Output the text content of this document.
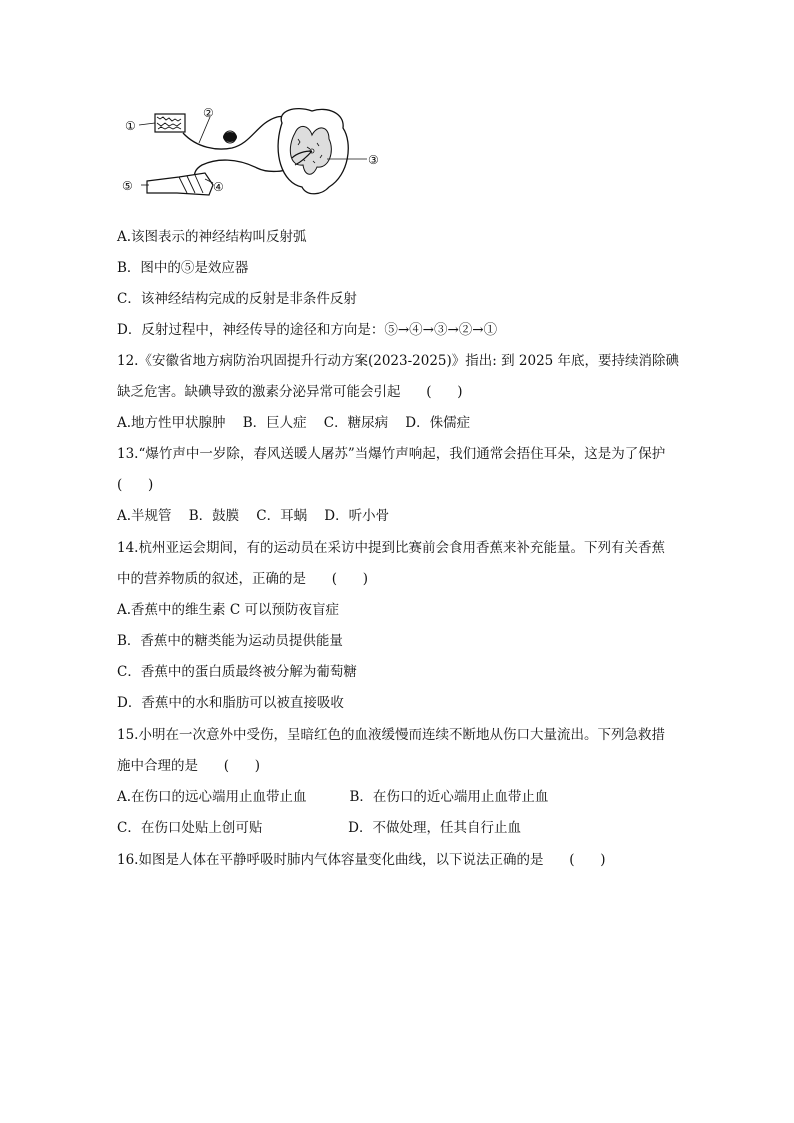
①
②
③
④
⑤
A.该图表示的神经结构叫反射弧
B．图中的⑤是效应器
C．该神经结构完成的反射是非条件反射
D．反射过程中，神经传导的途径和方向是：⑤→④→③→②→①
12.《安徽省地方病防治巩固提升行动方案(2023-2025)》指出: 到 2025 年底，要持续消除碘
缺乏危害。缺碘导致的激素分泌异常可能会引起      (      )
A.地方性甲状腺肿    B．巨人症    C．糖尿病    D．侏儒症
13.“爆竹声中一岁除，春风送暖人屠苏”当爆竹声响起，我们通常会捂住耳朵，这是为了保护
(      )
A.半规管    B．鼓膜    C．耳蜗    D．听小骨
14.杭州亚运会期间，有的运动员在采访中提到比赛前会食用香蕉来补充能量。下列有关香蕉
中的营养物质的叙述，正确的是      (      )
A.香蕉中的维生素 C 可以预防夜盲症
B．香蕉中的糖类能为运动员提供能量
C．香蕉中的蛋白质最终被分解为葡萄糖
D．香蕉中的水和脂肪可以被直接吸收
15.小明在一次意外中受伤，呈暗红色的血液缓慢而连续不断地从伤口大量流出。下列急救措
施中合理的是      (      )
A.在伤口的远心端用止血带止血          B．在伤口的近心端用止血带止血
C．在伤口处贴上创可贴                    D．不做处理，任其自行止血
16.如图是人体在平静呼吸时肺内气体容量变化曲线，以下说法正确的是      (      )
